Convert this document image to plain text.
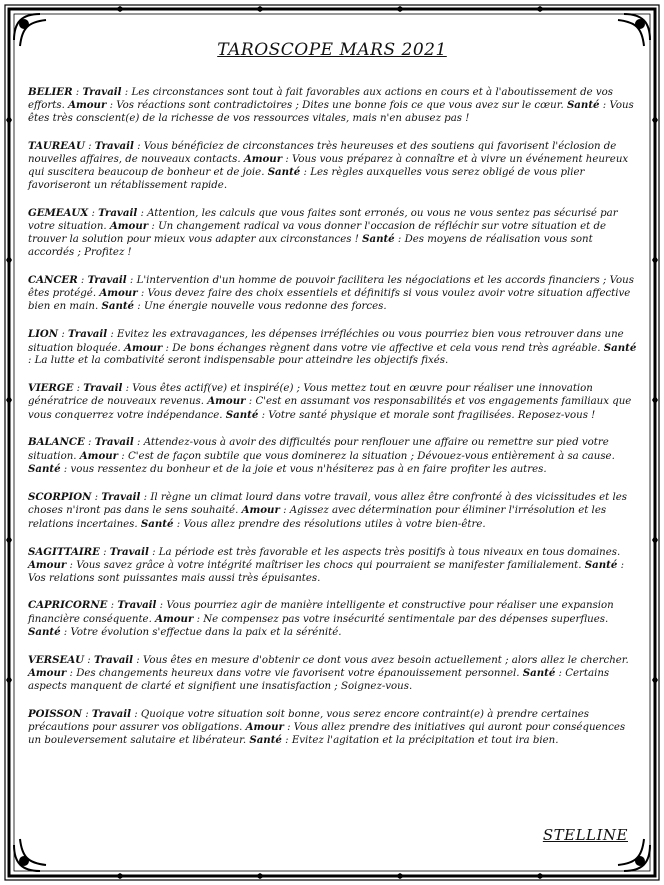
TAROSCOPE MARS 2021

BELIER : Travail : Les circonstances sont tout à fait favorables aux actions en cours et à l'aboutissement de vos efforts. Amour : Vos réactions sont contradictoires ; Dites une bonne fois ce que vous avez sur le cœur. Santé : Vous êtes très conscient(e) de la richesse de vos ressources vitales, mais n'en abusez pas !

TAUREAU : Travail : Vous bénéficiez de circonstances très heureuses et des soutiens qui favorisent l'éclosion de nouvelles affaires, de nouveaux contacts. Amour : Vous vous préparez à connaître et à vivre un événement heureux qui suscitera beaucoup de bonheur et de joie. Santé : Les règles auxquelles vous serez obligé de vous plier favoriseront un rétablissement rapide.

GEMEAUX : Travail : Attention, les calculs que vous faites sont erronés, ou vous ne vous sentez pas sécurisé par votre situation. Amour : Un changement radical va vous donner l'occasion de réfléchir sur votre situation et de trouver la solution pour mieux vous adapter aux circonstances ! Santé : Des moyens de réalisation vous sont accordés ; Profitez !

CANCER : Travail : L'intervention d'un homme de pouvoir facilitera les négociations et les accords financiers ; Vous êtes protégé. Amour : Vous devez faire des choix essentiels et définitifs si vous voulez avoir votre situation affective bien en main. Santé : Une énergie nouvelle vous redonne des forces.

LION : Travail : Evitez les extravagances, les dépenses irréfléchies ou vous pourriez bien vous retrouver dans une situation bloquée. Amour : De bons échanges règnent dans votre vie affective et cela vous rend très agréable. Santé : La lutte et la combativité seront indispensable pour atteindre les objectifs fixés.

VIERGE : Travail : Vous êtes actif(ve) et inspiré(e) ; Vous mettez tout en œuvre pour réaliser une innovation génératrice de nouveaux revenus. Amour : C'est en assumant vos responsabilités et vos engagements familiaux que vous conquerrez votre indépendance. Santé : Votre santé physique et morale sont fragilisées. Reposez-vous !

BALANCE : Travail : Attendez-vous à avoir des difficultés pour renflouer une affaire ou remettre sur pied votre situation. Amour : C'est de façon subtile que vous dominerez la situation ; Dévouez-vous entièrement à sa cause. Santé : vous ressentez du bonheur et de la joie et vous n'hésiterez pas à en faire profiter les autres.

SCORPION : Travail : Il règne un climat lourd dans votre travail, vous allez être confronté à des vicissitudes et les choses n'iront pas dans le sens souhaité. Amour : Agissez avec détermination pour éliminer l'irrésolution et les relations incertaines. Santé : Vous allez prendre des résolutions utiles à votre bien-être.

SAGITTAIRE : Travail : La période est très favorable et les aspects très positifs à tous niveaux en tous domaines. Amour : Vous savez grâce à votre intégrité maîtriser les chocs qui pourraient se manifester familialement. Santé : Vos relations sont puissantes mais aussi très épuisantes.

CAPRICORNE : Travail : Vous pourriez agir de manière intelligente et constructive pour réaliser une expansion financière conséquente. Amour : Ne compensez pas votre insécurité sentimentale par des dépenses superflues. Santé : Votre évolution s'effectue dans la paix et la sérénité.

VERSEAU : Travail : Vous êtes en mesure d'obtenir ce dont vous avez besoin actuellement ; alors allez le chercher. Amour : Des changements heureux dans votre vie favorisent votre épanouissement personnel. Santé : Certains aspects manquent de clarté et signifient une insatisfaction ; Soignez-vous.

POISSON : Travail : Quoique votre situation soit bonne, vous serez encore contraint(e) à prendre certaines précautions pour assurer vos obligations. Amour : Vous allez prendre des initiatives qui auront pour conséquences un bouleversement salutaire et libérateur. Santé : Evitez l'agitation et la précipitation et tout ira bien.

STELLINE
